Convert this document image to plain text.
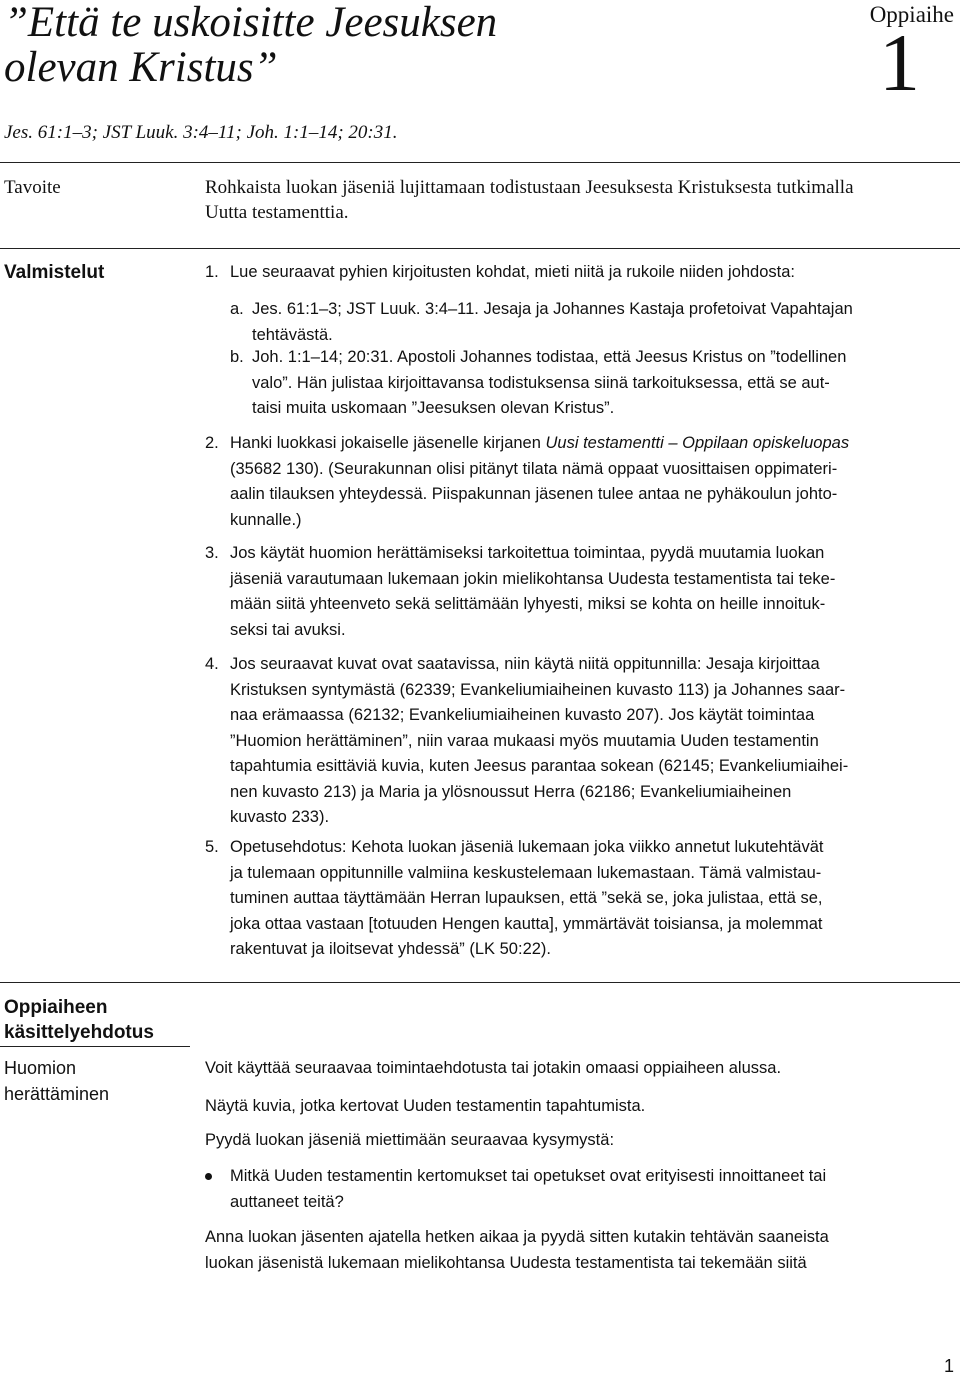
”Että te uskoisitte Jeesuksen
olevan Kristus”
Oppiaihe
1
Jes. 61:1–3; JST Luuk. 3:4–11; Joh. 1:1–14; 20:31.
Tavoite	Rohkaista luokan jäseniä lujittamaan todistustaan Jeesuksesta Kristuksesta tutkimalla
Uutta testamenttia.
Valmistelut	1. Lue seuraavat pyhien kirjoitusten kohdat, mieti niitä ja rukoile niiden johdosta:
a. Jes. 61:1–3; JST Luuk. 3:4–11. Jesaja ja Johannes Kastaja profetoivat Vapahtajan
tehtävästä.
b. Joh. 1:1–14; 20:31. Apostoli Johannes todistaa, että Jeesus Kristus on ”todellinen
valo”. Hän julistaa kirjoittavansa todistuksensa siinä tarkoituksessa, että se aut-
taisi muita uskomaan ”Jeesuksen olevan Kristus”.
2. Hanki luokkasi jokaiselle jäsenelle kirjanen Uusi testamentti – Oppilaan opiskeluopas
(35682 130). (Seurakunnan olisi pitänyt tilata nämä oppaat vuosittaisen oppimateri-
aalin tilauksen yhteydessä. Piispakunnan jäsenen tulee antaa ne pyhäkoulun johto-
kunnalle.)
3. Jos käytät huomion herättämiseksi tarkoitettua toimintaa, pyydä muutamia luokan
jäseniä varautumaan lukemaan jokin mielikohtansa Uudesta testamentista tai teke-
mään siitä yhteenveto sekä selittämään lyhyesti, miksi se kohta on heille innoituk-
seksi tai avuksi.
4. Jos seuraavat kuvat ovat saatavissa, niin käytä niitä oppitunnilla: Jesaja kirjoittaa
Kristuksen syntymästä (62339; Evankeliumiaiheinen kuvasto 113) ja Johannes saar-
naa erämaassa (62132; Evankeliumiaiheinen kuvasto 207). Jos käytät toimintaa
”Huomion herättäminen”, niin varaa mukaasi myös muutamia Uuden testamentin
tapahtumia esittäviä kuvia, kuten Jeesus parantaa sokean (62145; Evankeliumiaihei-
nen kuvasto 213) ja Maria ja ylösnoussut Herra (62186; Evankeliumiaiheinen
kuvasto 233).
5. Opetusehdotus: Kehota luokan jäseniä lukemaan joka viikko annetut lukutehtävät
ja tulemaan oppitunnille valmiina keskustelemaan lukemastaan. Tämä valmistau-
tuminen auttaa täyttämään Herran lupauksen, että ”sekä se, joka julistaa, että se,
joka ottaa vastaan [totuuden Hengen kautta], ymmärtävät toisiansa, ja molemmat
rakentuvat ja iloitsevat yhdessä” (LK 50:22).
Oppiaiheen
käsittelyehdotus
Huomion
herättäminen
Voit käyttää seuraavaa toimintaehdotusta tai jotakin omaasi oppiaiheen alussa.
Näytä kuvia, jotka kertovat Uuden testamentin tapahtumista.
Pyydä luokan jäseniä miettimään seuraavaa kysymystä:
Mitkä Uuden testamentin kertomukset tai opetukset ovat erityisesti innoittaneet tai
auttaneet teitä?
Anna luokan jäsenten ajatella hetken aikaa ja pyydä sitten kutakin tehtävän saaneista
luokan jäsenistä lukemaan mielikohtansa Uudesta testamentista tai tekemään siitä
1
